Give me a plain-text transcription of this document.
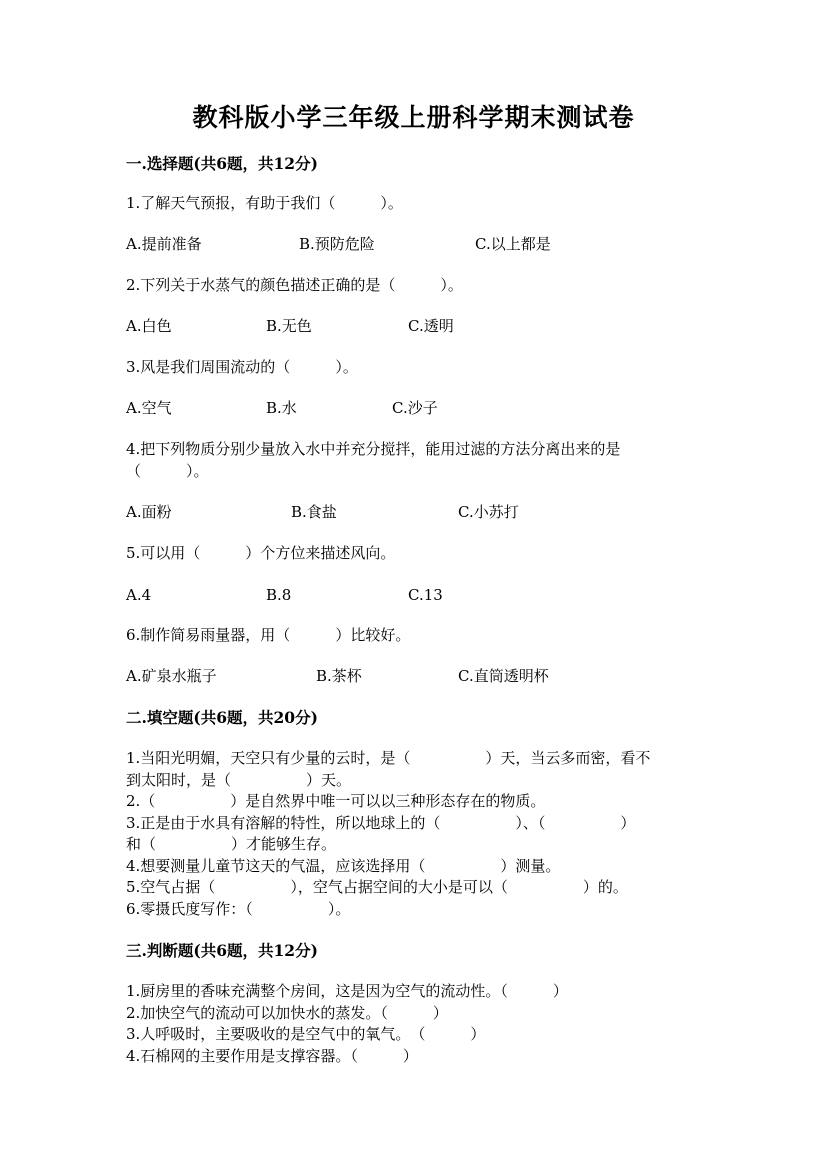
教科版小学三年级上册科学期末测试卷
一.选择题(共6题，共12分)
1.了解天气预报，有助于我们（　　　）。
A.提前准备	B.预防危险	C.以上都是
2.下列关于水蒸气的颜色描述正确的是（　　　）。
A.白色	B.无色	C.透明
3.风是我们周围流动的（　　　）。
A.空气	B.水	C.沙子
4.把下列物质分别少量放入水中并充分搅拌，能用过滤的方法分离出来的是
（　　　）。
A.面粉	B.食盐	C.小苏打
5.可以用（　　　）个方位来描述风向。
A.4	B.8	C.13
6.制作简易雨量器，用（　　　）比较好。
A.矿泉水瓶子	B.茶杯	C.直筒透明杯
二.填空题(共6题，共20分)
1.当阳光明媚，天空只有少量的云时，是（　　　　　）天，当云多而密，看不
到太阳时，是（　　　　　）天。
2.（　　　　　）是自然界中唯一可以以三种形态存在的物质。
3.正是由于水具有溶解的特性，所以地球上的（　　　　　）、（　　　　　）
和（　　　　　）才能够生存。
4.想要测量儿童节这天的气温，应该选择用（　　　　　）测量。
5.空气占据（　　　　　），空气占据空间的大小是可以（　　　　　）的。
6.零摄氏度写作：（　　　　　）。
三.判断题(共6题，共12分)
1.厨房里的香味充满整个房间，这是因为空气的流动性。（　　　）
2.加快空气的流动可以加快水的蒸发。（　　　）
3.人呼吸时，主要吸收的是空气中的氧气。　（　　　）
4.石棉网的主要作用是支撑容器。（　　　）
